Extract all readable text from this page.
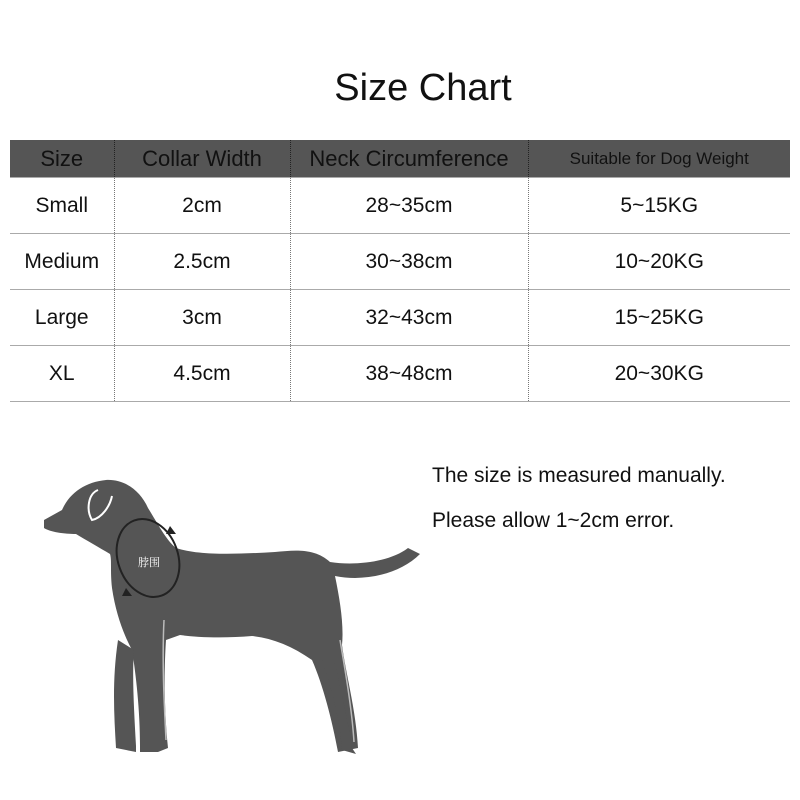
Size Chart
Size	Collar Width	Neck Circumference	Suitable for Dog Weight
Small	2cm	28~35cm	5~15KG
Medium	2.5cm	30~38cm	10~20KG
Large	3cm	32~43cm	15~25KG
XL	4.5cm	38~48cm	20~30KG
脖围
The size is measured manually.
Please allow 1~2cm error.
